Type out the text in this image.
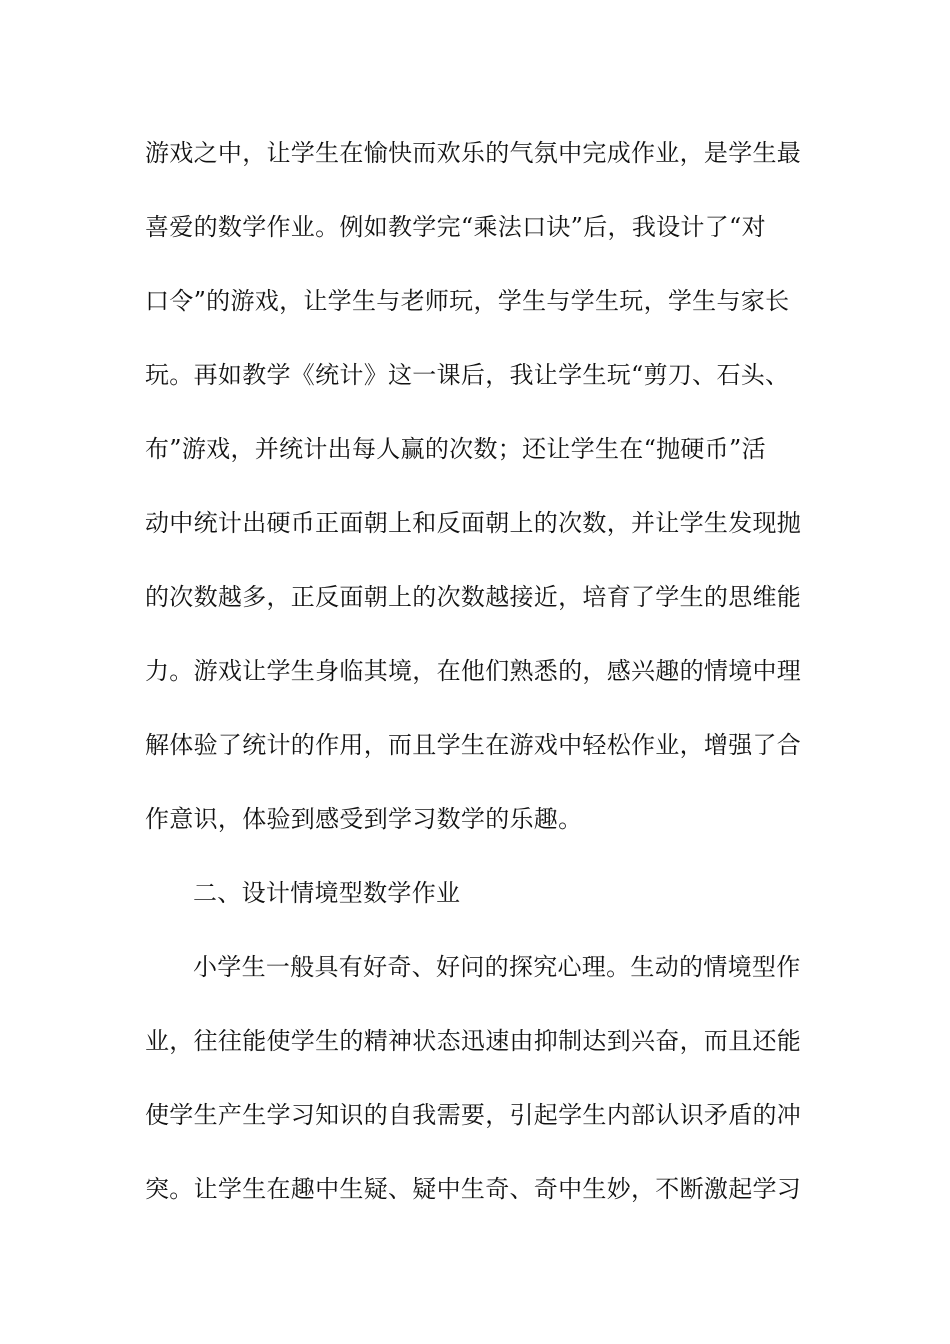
游戏之中，让学生在愉快而欢乐的气氛中完成作业，是学生最
喜爱的数学作业。例如教学完“乘法口诀”后，我设计了“对
口令”的游戏，让学生与老师玩，学生与学生玩，学生与家长
玩。再如教学《统计》这一课后，我让学生玩“剪刀、石头、
布”游戏，并统计出每人赢的次数；还让学生在“抛硬币”活
动中统计出硬币正面朝上和反面朝上的次数，并让学生发现抛
的次数越多，正反面朝上的次数越接近，培育了学生的思维能
力。游戏让学生身临其境，在他们熟悉的，感兴趣的情境中理
解体验了统计的作用，而且学生在游戏中轻松作业，增强了合
作意识，体验到感受到学习数学的乐趣。
二、设计情境型数学作业
小学生一般具有好奇、好问的探究心理。生动的情境型作
业，往往能使学生的精神状态迅速由抑制达到兴奋，而且还能
使学生产生学习知识的自我需要，引起学生内部认识矛盾的冲
突。让学生在趣中生疑、疑中生奇、奇中生妙，不断激起学习
